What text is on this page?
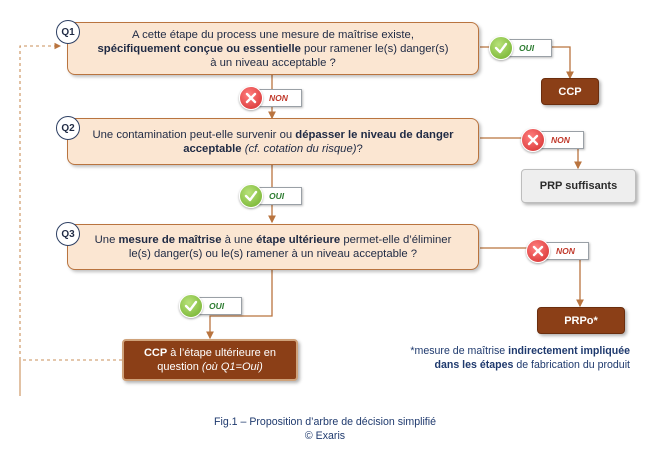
A cette étape du process une mesure de maîtrise existe,
spécifiquement conçue ou essentielle pour ramener le(s) danger(s)
à un niveau acceptable ?
Q1
Une contamination peut-elle survenir ou dépasser le niveau de danger
acceptable (cf. cotation du risque)?
Q2
Une mesure de maîtrise à une étape ultérieure permet-elle d’éliminer
le(s) danger(s) ou le(s) ramener à un niveau acceptable ?
Q3
OUI
NON
NON
OUI
NON
OUI
CCP
PRP suffisants
PRPo*
CCP à l’étape ultérieure en
question (où Q1=Oui)
*mesure de maîtrise indirectement impliquée
dans les étapes de fabrication du produit
Fig.1 – Proposition d’arbre de décision simplifié
© Exaris
